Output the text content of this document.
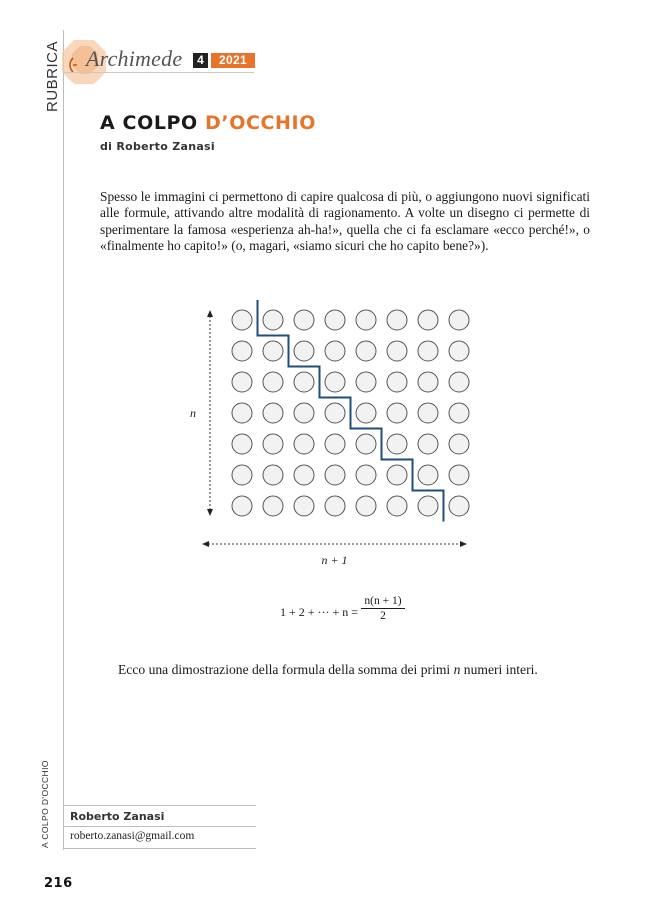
RUBRICA
A COLPO D'OCCHIO
Archimede	4	2021
A COLPO D’OCCHIO
di Roberto Zanasi
Spesso le immagini ci permettono di capire qualcosa di più, o aggiungono nuovi significati alle formule, attivando altre modalità di ragionamento. A volte un disegno ci permette di sperimentare la famosa «esperienza ah-ha!», quella che ci fa esclamare «ecco perché!», o «finalmente ho capito!» (o, magari, «siamo sicuri che ho capito bene?»).
n
n + 1
1 + 2 + ··· + n =
n(n + 1)
2
Ecco una dimostrazione della formula della somma dei primi n numeri interi.
Roberto Zanasi
roberto.zanasi@gmail.com
216
